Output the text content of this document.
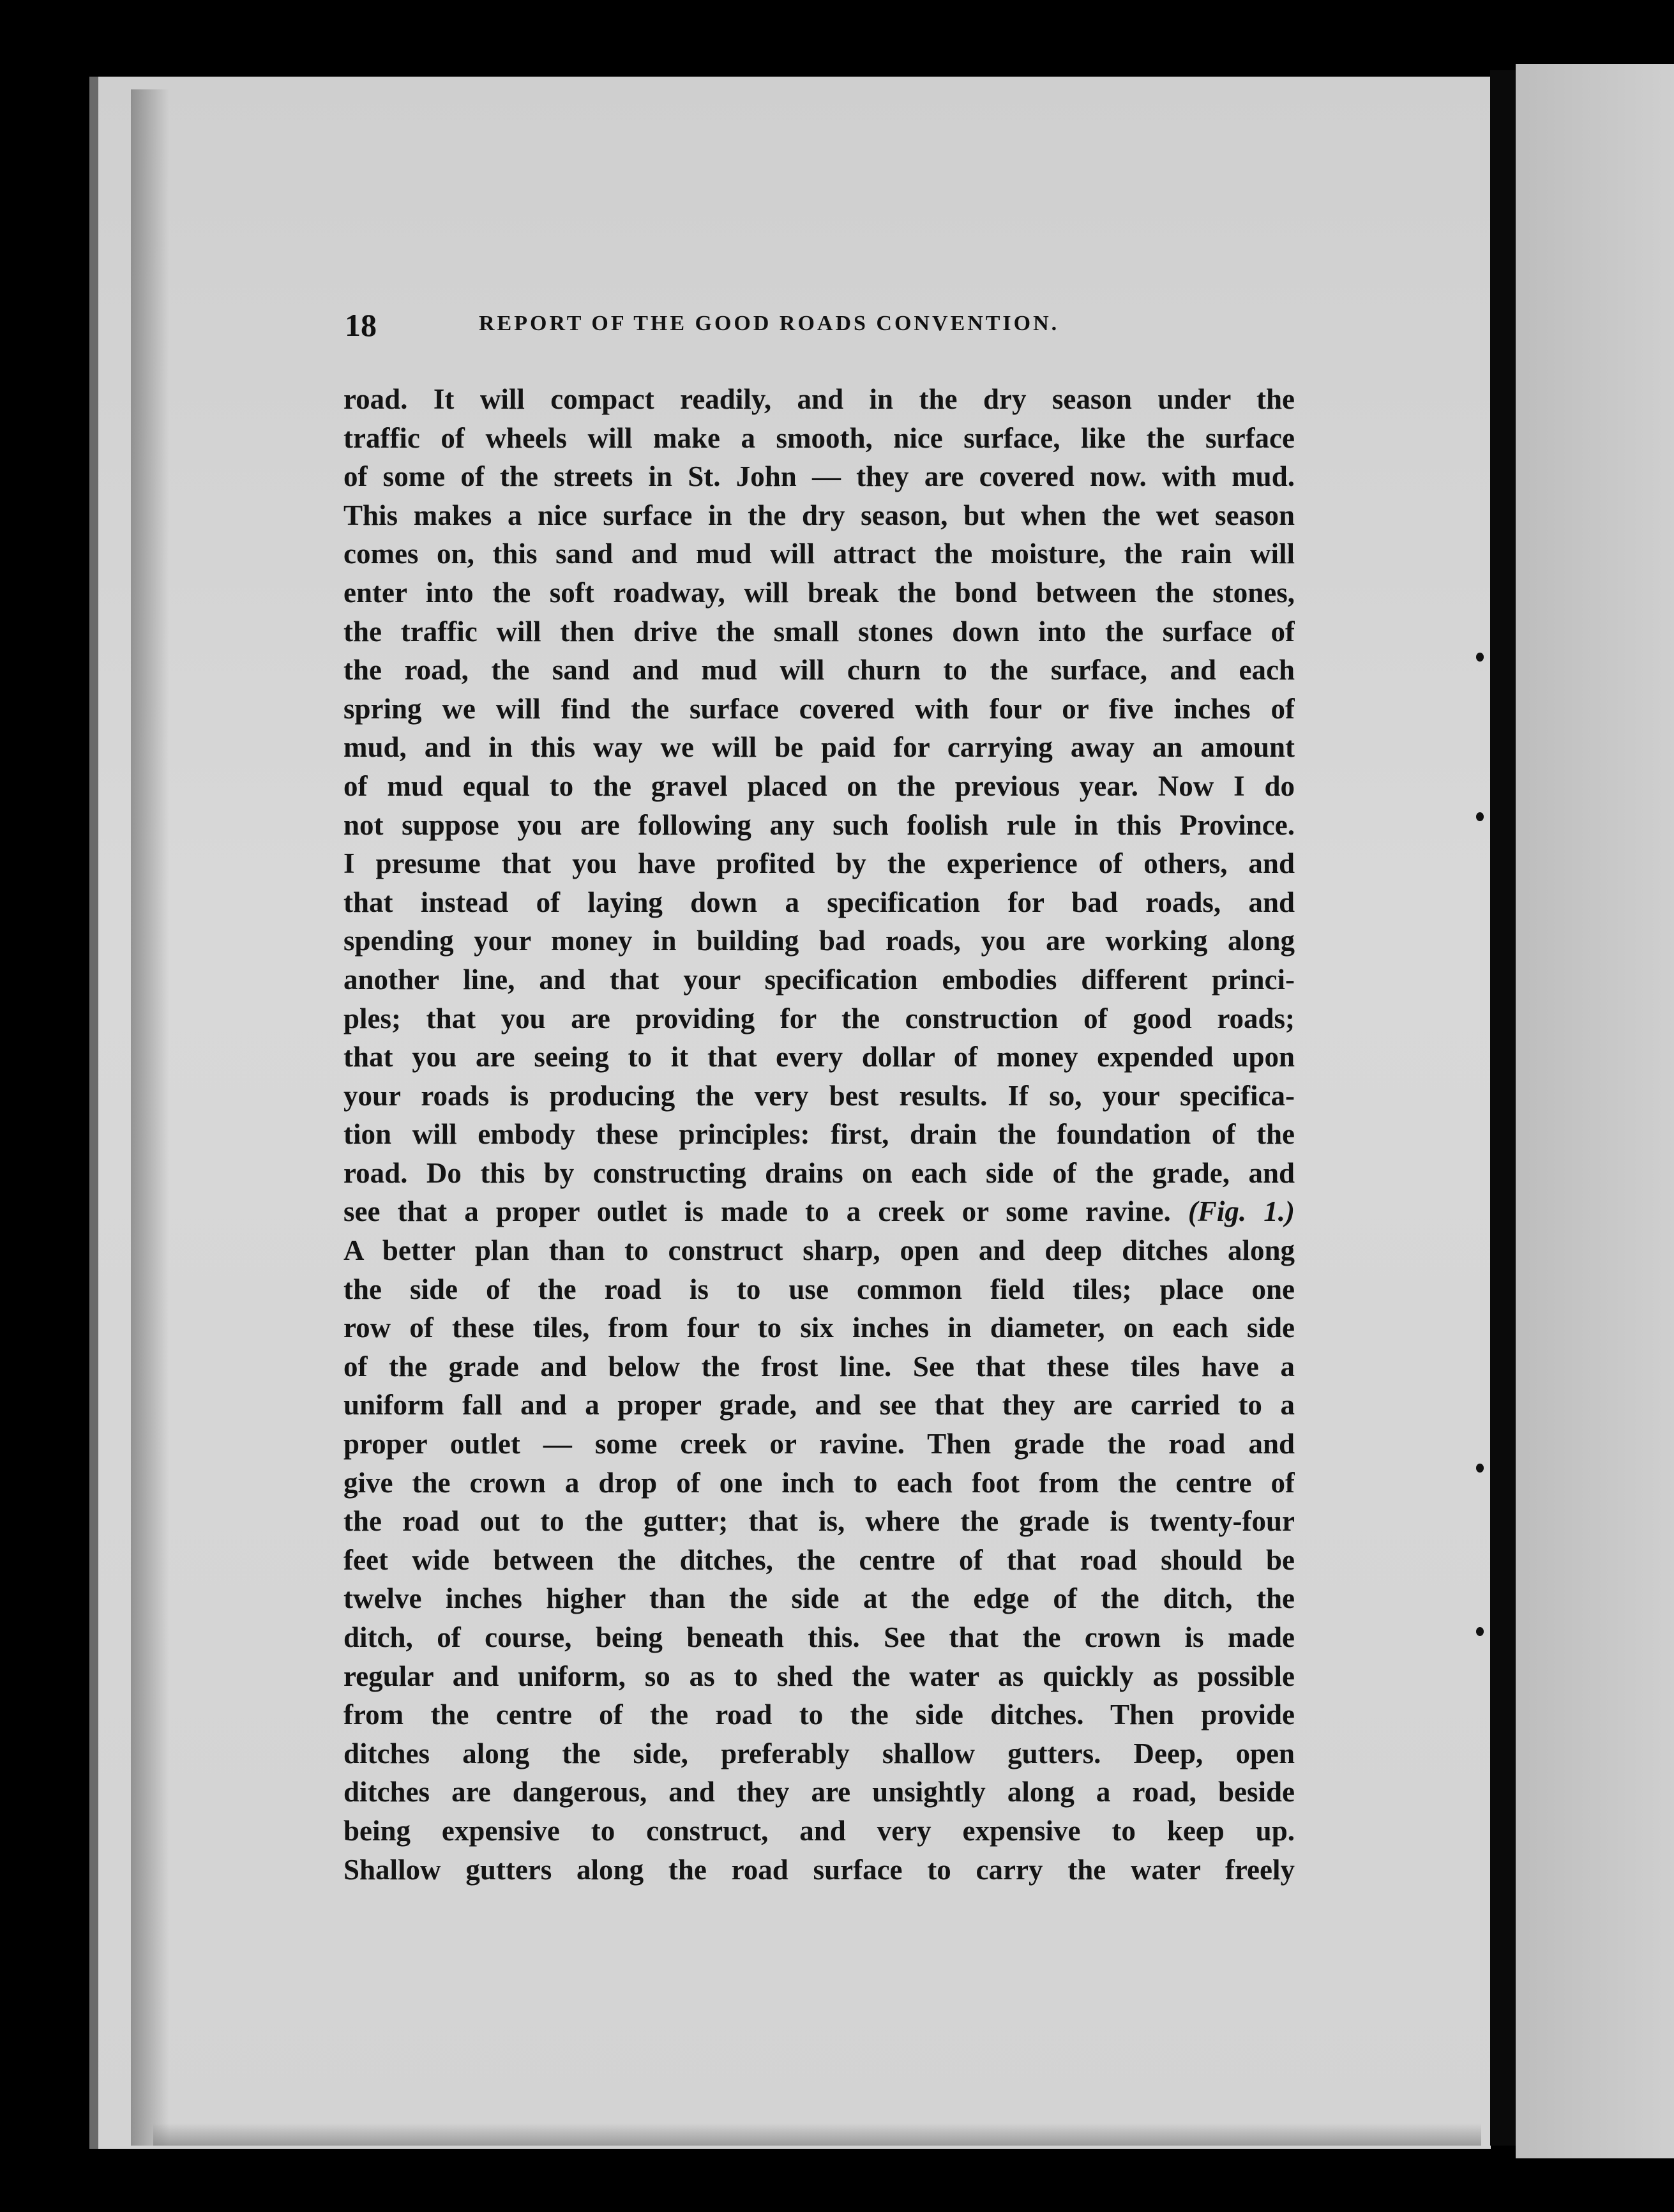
18	REPORT OF THE GOOD ROADS CONVENTION.
road. It will compact readily, and in the dry season under the
traffic of wheels will make a smooth, nice surface, like the surface
of some of the streets in St. John — they are covered now. with mud.
This makes a nice surface in the dry season, but when the wet season
comes on, this sand and mud will attract the moisture, the rain will
enter into the soft roadway, will break the bond between the stones,
the traffic will then drive the small stones down into the surface of
the road, the sand and mud will churn to the surface, and each
spring we will find the surface covered with four or five inches of
mud, and in this way we will be paid for carrying away an amount
of mud equal to the gravel placed on the previous year. Now I do
not suppose you are following any such foolish rule in this Province.
I presume that you have profited by the experience of others, and
that instead of laying down a specification for bad roads, and
spending your money in building bad roads, you are working along
another line, and that your specification embodies different princi-
ples; that you are providing for the construction of good roads;
that you are seeing to it that every dollar of money expended upon
your roads is producing the very best results. If so, your specifica-
tion will embody these principles: first, drain the foundation of the
road. Do this by constructing drains on each side of the grade, and
see that a proper outlet is made to a creek or some ravine. (Fig. 1.)
A better plan than to construct sharp, open and deep ditches along
the side of the road is to use common field tiles; place one
row of these tiles, from four to six inches in diameter, on each side
of the grade and below the frost line. See that these tiles have a
uniform fall and a proper grade, and see that they are carried to a
proper outlet — some creek or ravine. Then grade the road and
give the crown a drop of one inch to each foot from the centre of
the road out to the gutter; that is, where the grade is twenty-four
feet wide between the ditches, the centre of that road should be
twelve inches higher than the side at the edge of the ditch, the
ditch, of course, being beneath this. See that the crown is made
regular and uniform, so as to shed the water as quickly as possible
from the centre of the road to the side ditches. Then provide
ditches along the side, preferably shallow gutters. Deep, open
ditches are dangerous, and they are unsightly along a road, beside
being expensive to construct, and very expensive to keep up.
Shallow gutters along the road surface to carry the water freely
